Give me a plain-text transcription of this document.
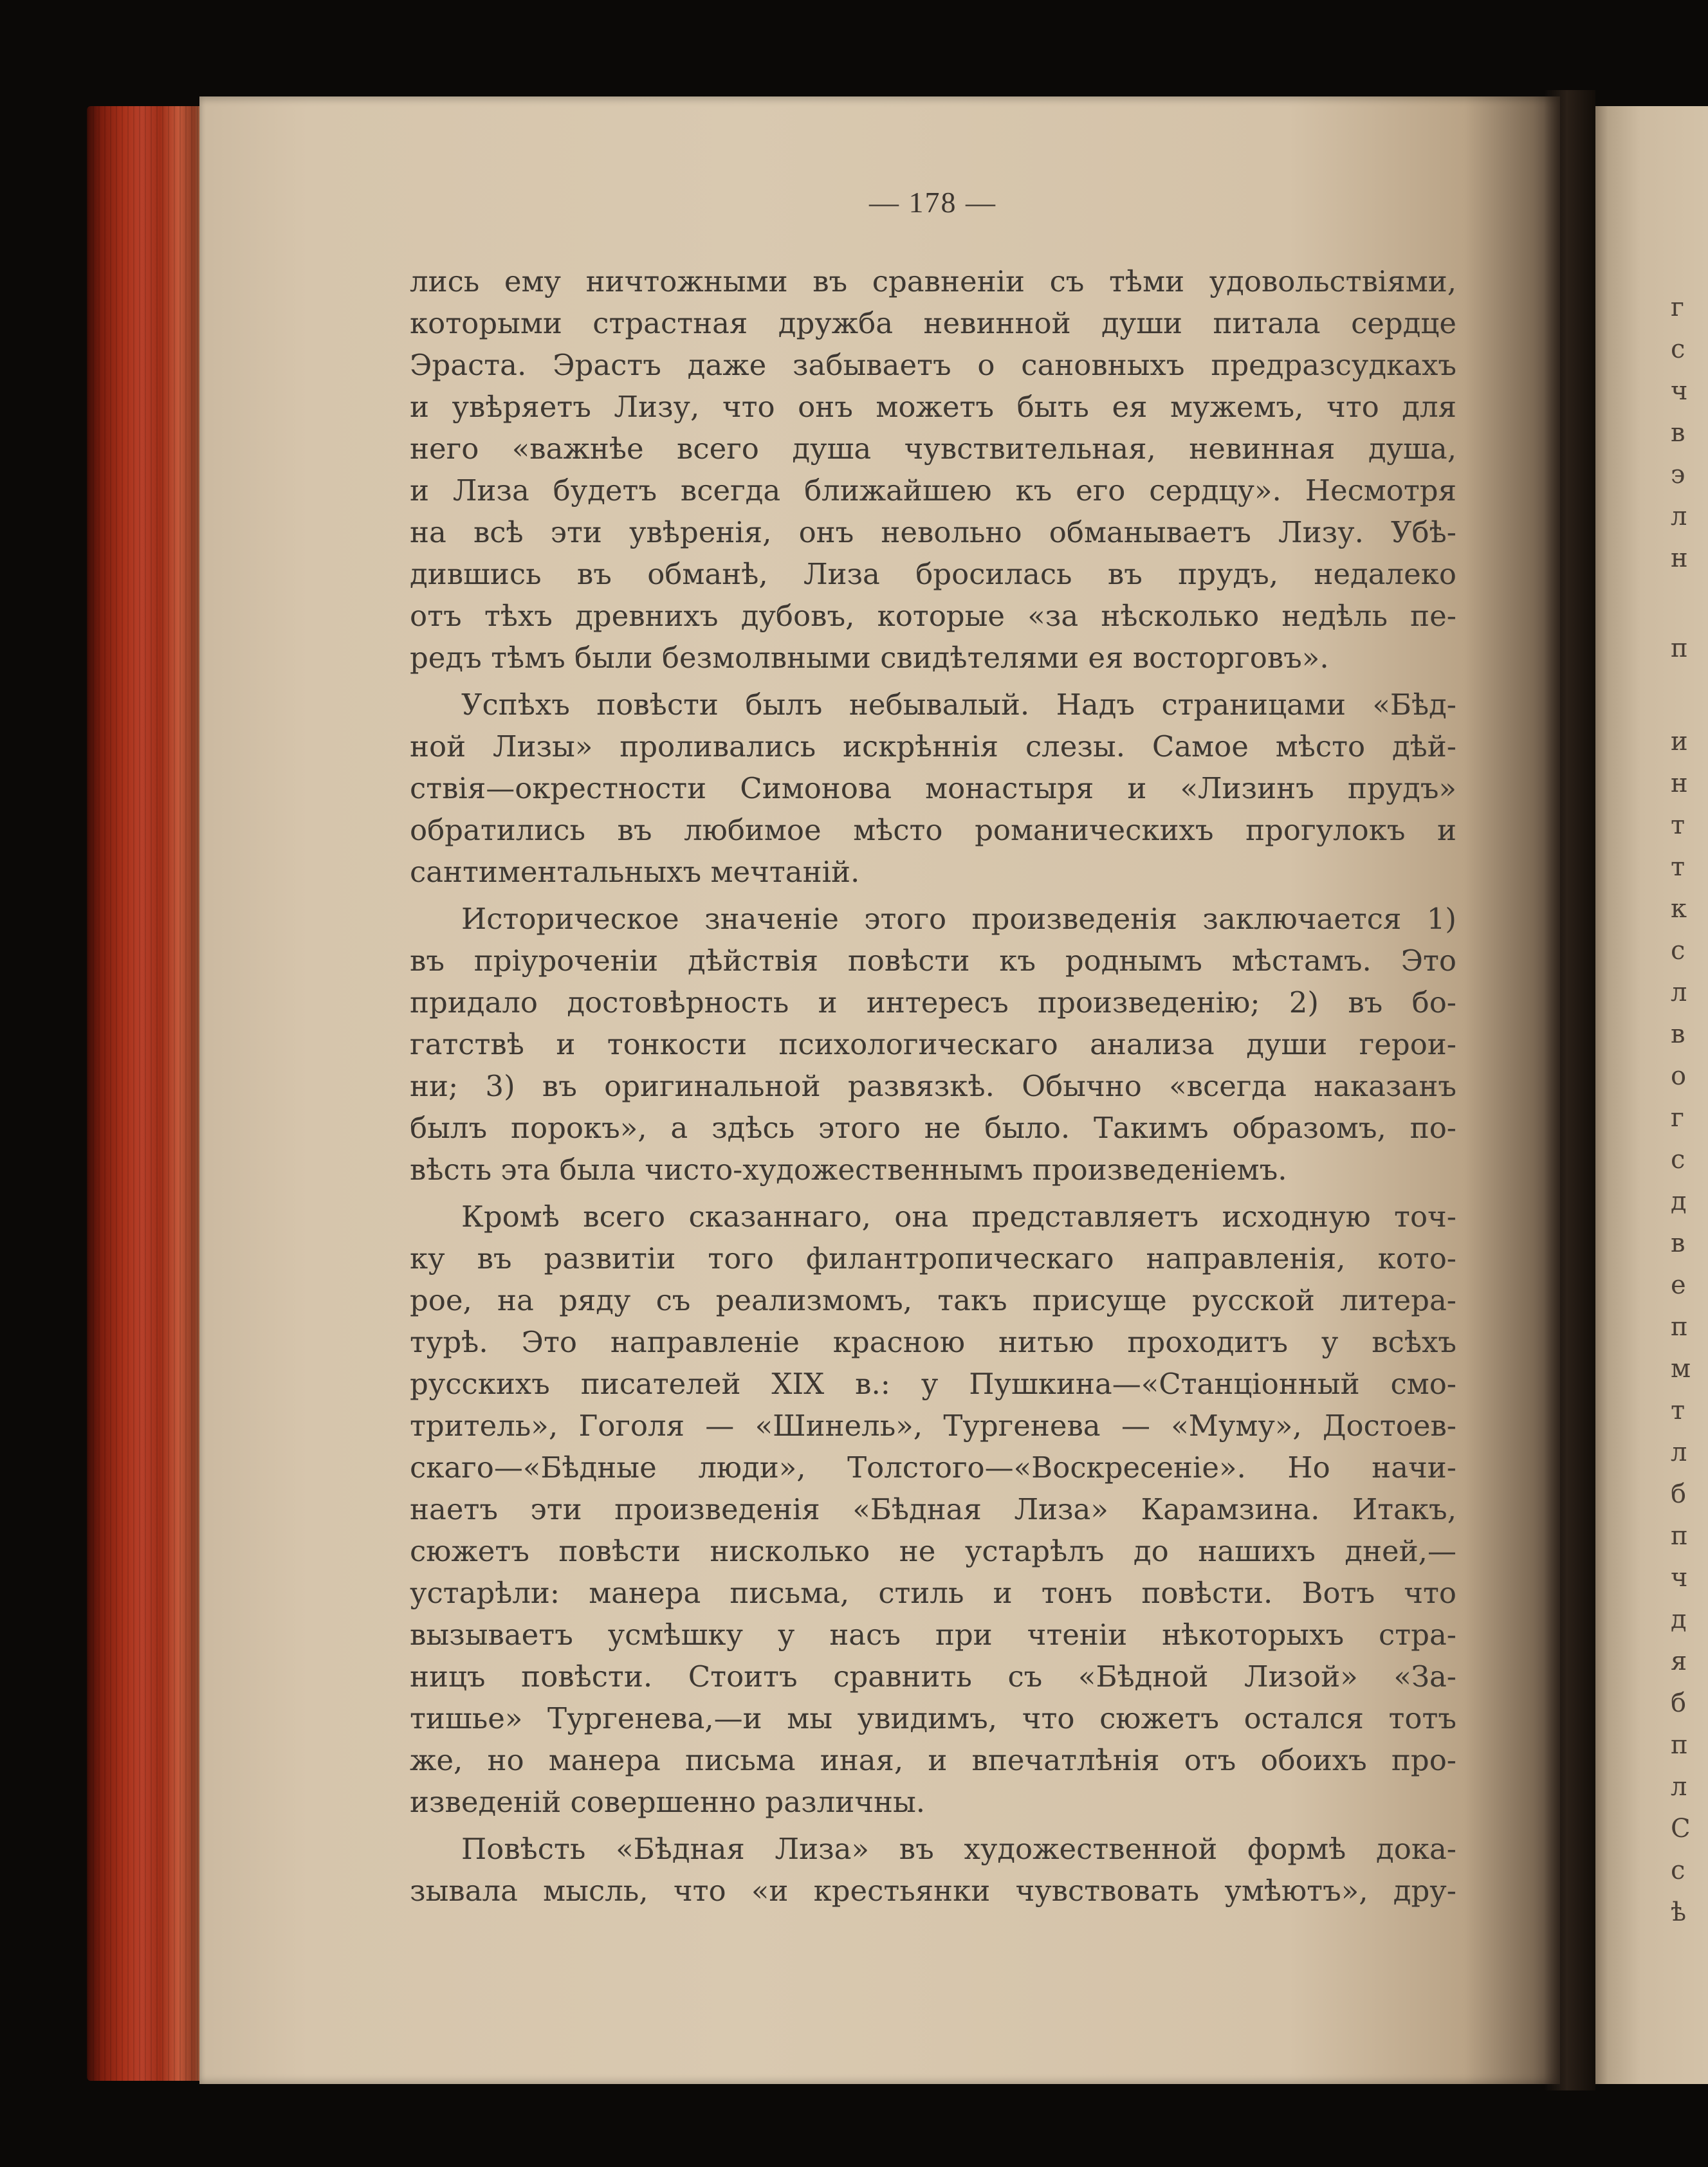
— 178 —
лись ему ничтожными въ сравненіи съ тѣми удовольствіями,
которыми страстная дружба невинной души питала сердце
Эраста. Эрастъ даже забываетъ о сановныхъ предразсудкахъ
и увѣряетъ Лизу, что онъ можетъ быть ея мужемъ, что для
него «важнѣе всего душа чувствительная, невинная душа,
и Лиза будетъ всегда ближайшею къ его сердцу». Несмотря
на всѣ эти увѣренія, онъ невольно обманываетъ Лизу. Убѣ-
дившись въ обманѣ, Лиза бросилась въ прудъ, недалеко
отъ тѣхъ древнихъ дубовъ, которые «за нѣсколько недѣль пе-
редъ тѣмъ были безмолвными свидѣтелями ея восторговъ».
Успѣхъ повѣсти былъ небывалый. Надъ страницами «Бѣд-
ной Лизы» проливались искрѣннія слезы. Самое мѣсто дѣй-
ствія—окрестности Симонова монастыря и «Лизинъ прудъ»
обратились въ любимое мѣсто романическихъ прогулокъ и
сантиментальныхъ мечтаній.
Историческое значеніе этого произведенія заключается 1)
въ пріуроченіи дѣйствія повѣсти къ роднымъ мѣстамъ. Это
придало достовѣрность и интересъ произведенію; 2) въ бо-
гатствѣ и тонкости психологическаго анализа души герои-
ни; 3) въ оригинальной развязкѣ. Обычно «всегда наказанъ
былъ порокъ», а здѣсь этого не было. Такимъ образомъ, по-
вѣсть эта была чисто-художественнымъ произведеніемъ.
Кромѣ всего сказаннаго, она представляетъ исходную точ-
ку въ развитіи того филантропическаго направленія, кото-
рое, на ряду съ реализмомъ, такъ присуще русской литера-
турѣ. Это направленіе красною нитью проходитъ у всѣхъ
русскихъ писателей XIX в.: у Пушкина—«Станціонный смо-
тритель», Гоголя — «Шинель», Тургенева — «Муму», Достоев-
скаго—«Бѣдные люди», Толстого—«Воскресеніе». Но начи-
наетъ эти произведенія «Бѣдная Лиза» Карамзина. Итакъ,
сюжетъ повѣсти нисколько не устарѣлъ до нашихъ дней,—
устарѣли: манера письма, стиль и тонъ повѣсти. Вотъ что
вызываетъ усмѣшку у насъ при чтеніи нѣкоторыхъ стра-
ницъ повѣсти. Стоитъ сравнить съ «Бѣдной Лизой» «За-
тишье» Тургенева,—и мы увидимъ, что сюжетъ остался тотъ
же, но манера письма иная, и впечатлѣнія отъ обоихъ про-
изведеній совершенно различны.
Повѣсть «Бѣдная Лиза» въ художественной формѣ дока-
зывала мысль, что «и крестьянки чувствовать умѣютъ», дру-
г
с
ч
в
э
л
н
п
и
н
т
т
к
с
л
в
о
г
с
д
в
е
п
м
т
л
б
п
ч
д
я
б
п
л
С
с
ѣ
